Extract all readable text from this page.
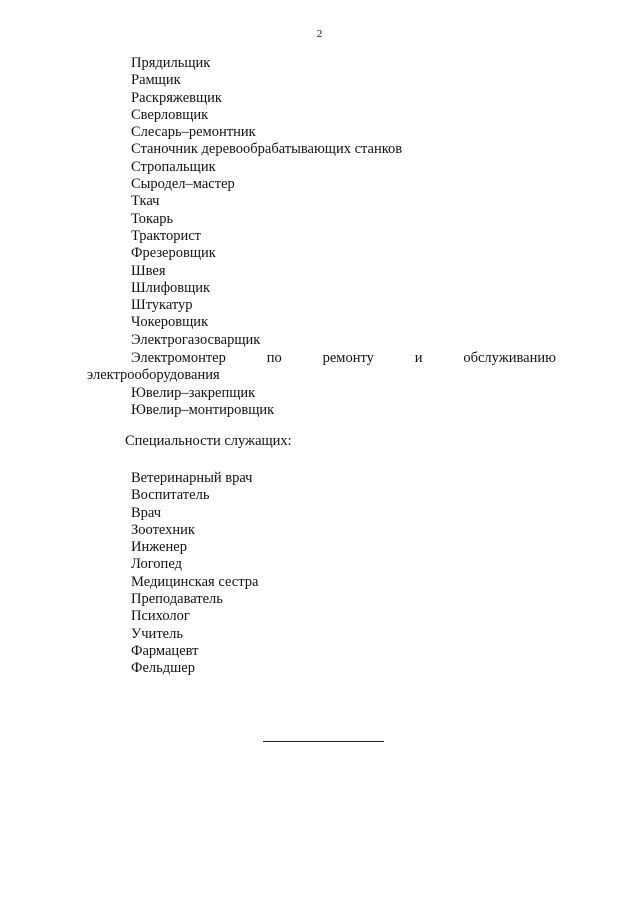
2
Прядильщик
Рамщик
Раскряжевщик
Сверловщик
Слесарь–ремонтник
Станочник деревообрабатывающих станков
Стропальщик
Сыродел–мастер
Ткач
Токарь
Тракторист
Фрезеровщик
Швея
Шлифовщик
Штукатур
Чокеровщик
Электрогазосварщик
Электромонтер	по	ремонту	и	обслуживанию
электрооборудования
Ювелир–закрепщик
Ювелир–монтировщик
Специальности служащих:
Ветеринарный врач
Воспитатель
Врач
Зоотехник
Инженер
Логопед
Медицинская сестра
Преподаватель
Психолог
Учитель
Фармацевт
Фельдшер
